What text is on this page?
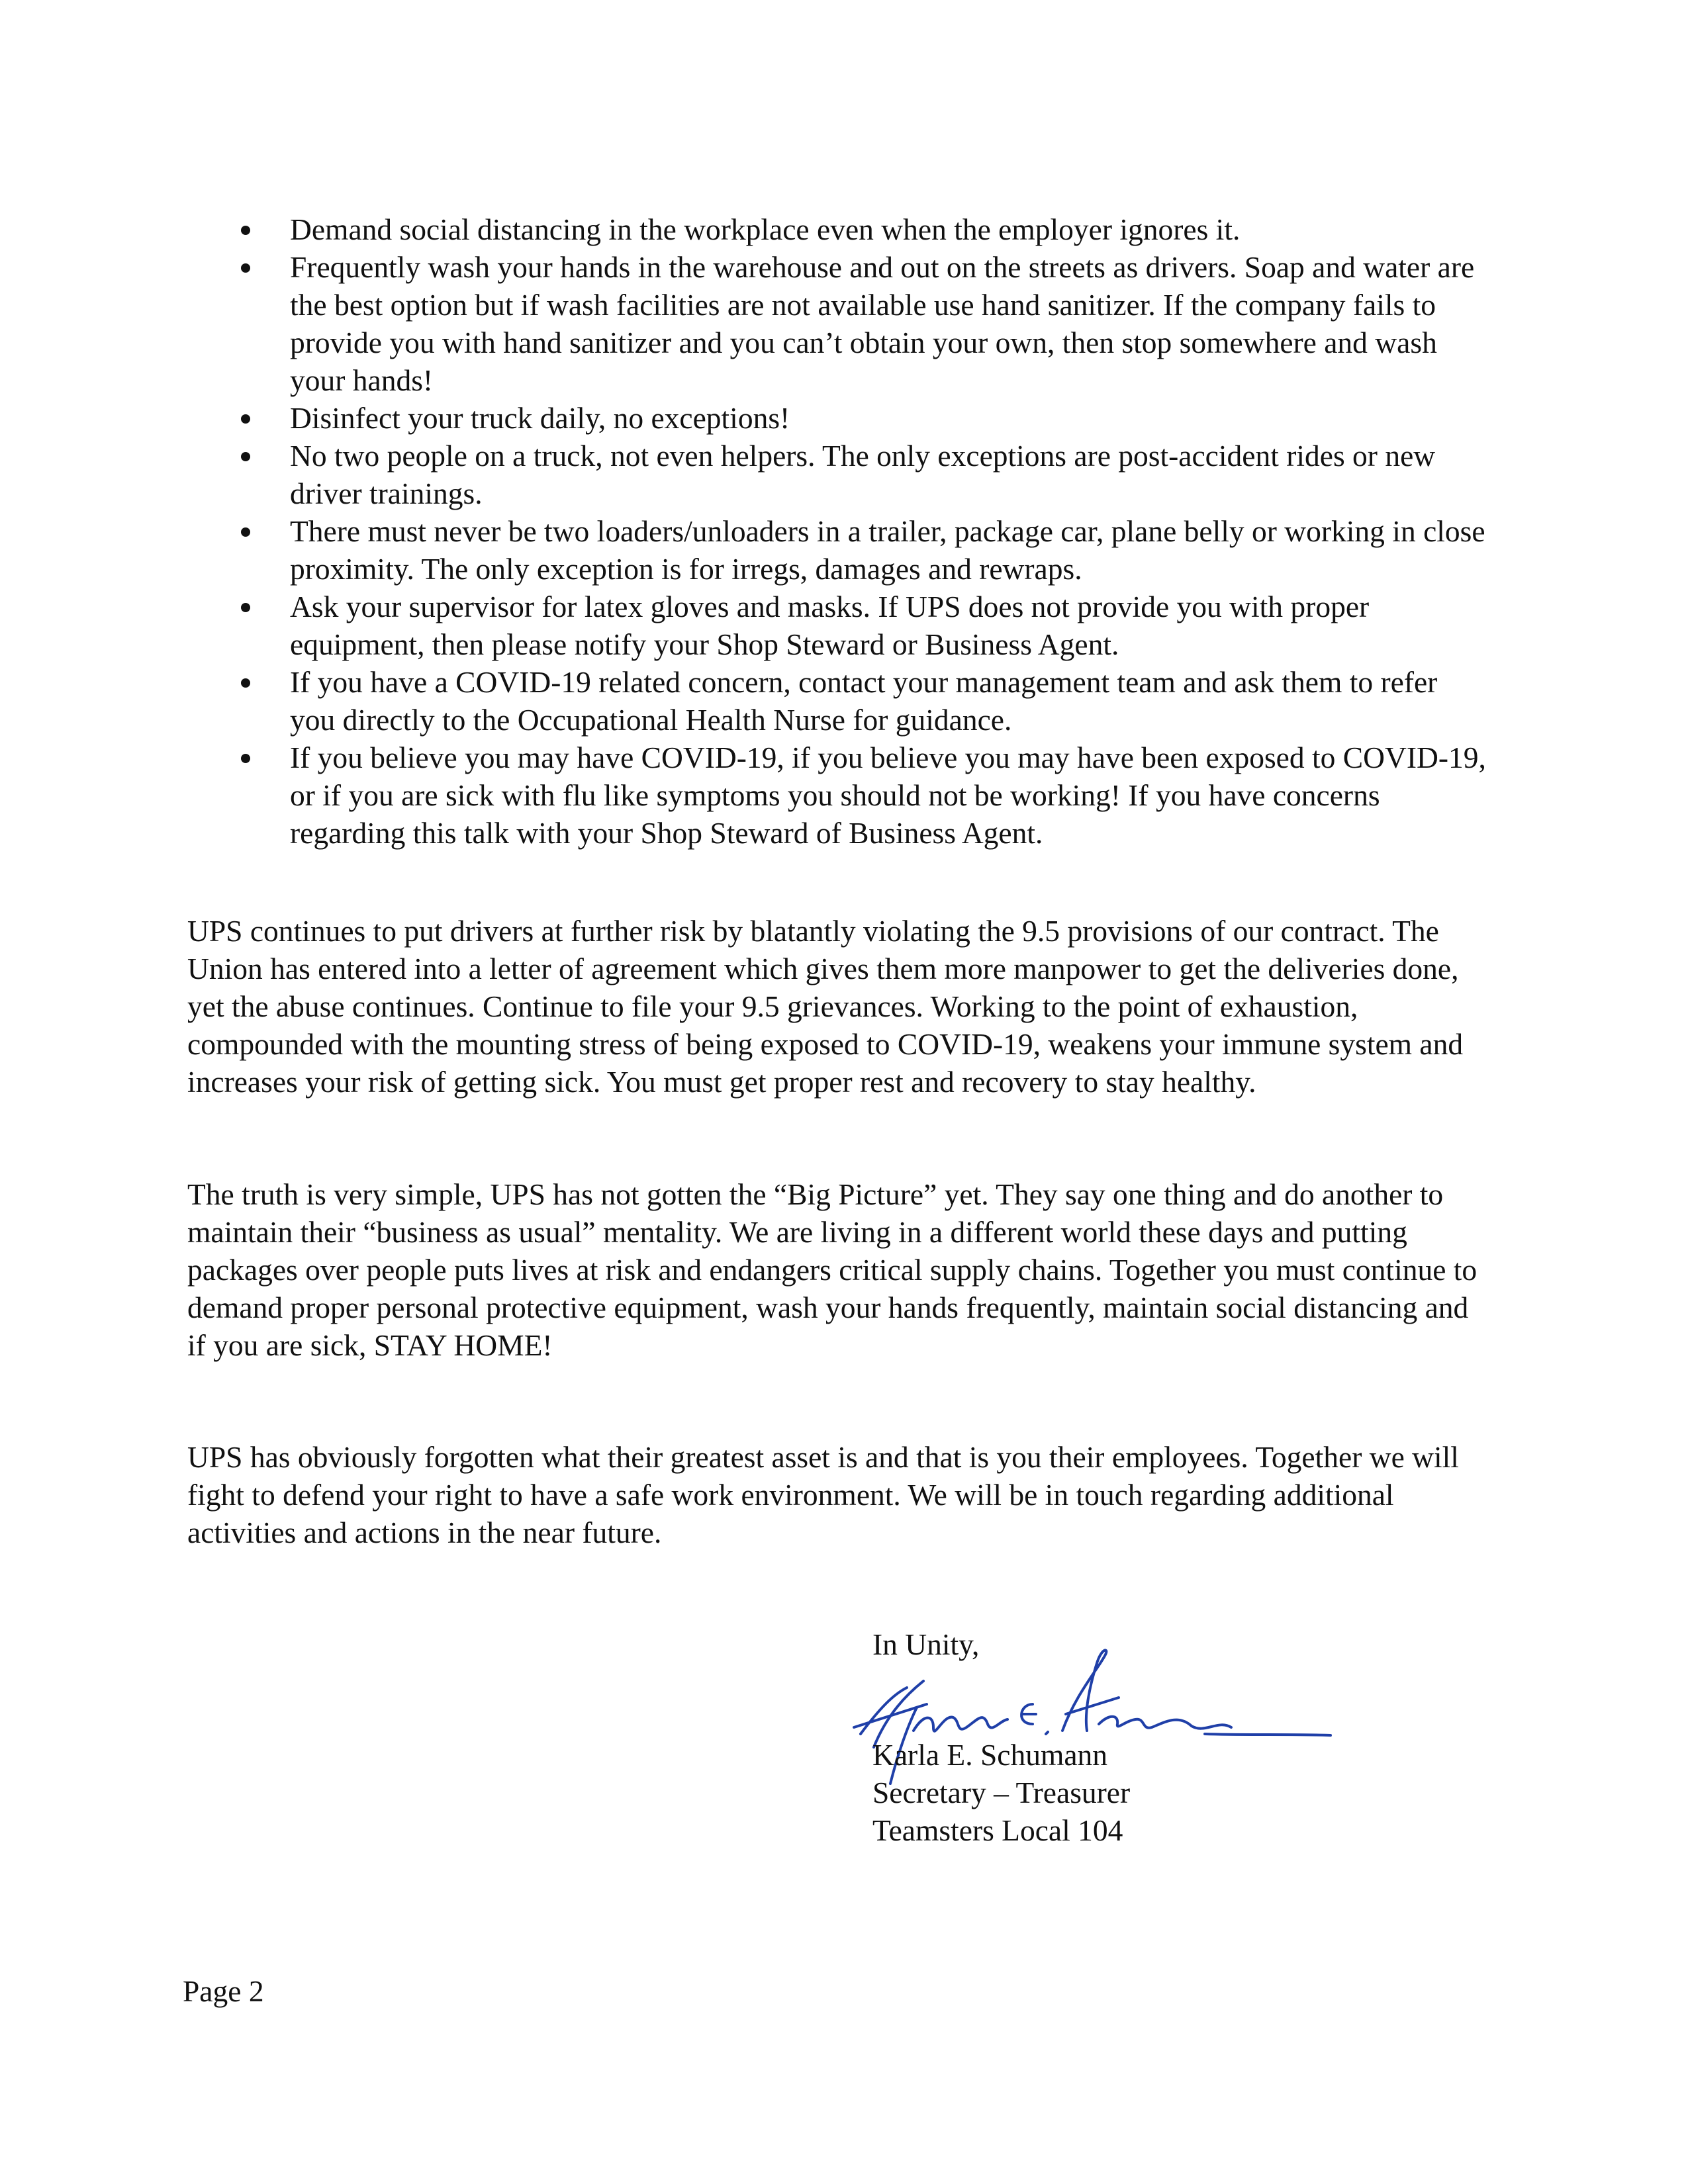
Demand social distancing in the workplace even when the employer ignores it.
Frequently wash your hands in the warehouse and out on the streets as drivers. Soap and water are the best option but if wash facilities are not available use hand sanitizer. If the company fails to provide you with hand sanitizer and you can’t obtain your own, then stop somewhere and wash your hands!
Disinfect your truck daily, no exceptions!
No two people on a truck, not even helpers. The only exceptions are post-accident rides or new driver trainings.
There must never be two loaders/unloaders in a trailer, package car, plane belly or working in close proximity. The only exception is for irregs, damages and rewraps.
Ask your supervisor for latex gloves and masks. If UPS does not provide you with proper equipment, then please notify your Shop Steward or Business Agent.
If you have a COVID-19 related concern, contact your management team and ask them to refer you directly to the Occupational Health Nurse for guidance.
If you believe you may have COVID-19, if you believe you may have been exposed to COVID-19, or if you are sick with flu like symptoms you should not be working! If you have concerns regarding this talk with your Shop Steward of Business Agent.

UPS continues to put drivers at further risk by blatantly violating the 9.5 provisions of our contract. The Union has entered into a letter of agreement which gives them more manpower to get the deliveries done, yet the abuse continues. Continue to file your 9.5 grievances. Working to the point of exhaustion, compounded with the mounting stress of being exposed to COVID-19, weakens your immune system and increases your risk of getting sick. You must get proper rest and recovery to stay healthy.

The truth is very simple, UPS has not gotten the “Big Picture” yet. They say one thing and do another to maintain their “business as usual” mentality. We are living in a different world these days and putting packages over people puts lives at risk and endangers critical supply chains. Together you must continue to demand proper personal protective equipment, wash your hands frequently, maintain social distancing and if you are sick, STAY HOME!

UPS has obviously forgotten what their greatest asset is and that is you their employees. Together we will fight to defend your right to have a safe work environment. We will be in touch regarding additional activities and actions in the near future.

In Unity,

Karla E. Schumann
Secretary – Treasurer
Teamsters Local 104
Page 2
